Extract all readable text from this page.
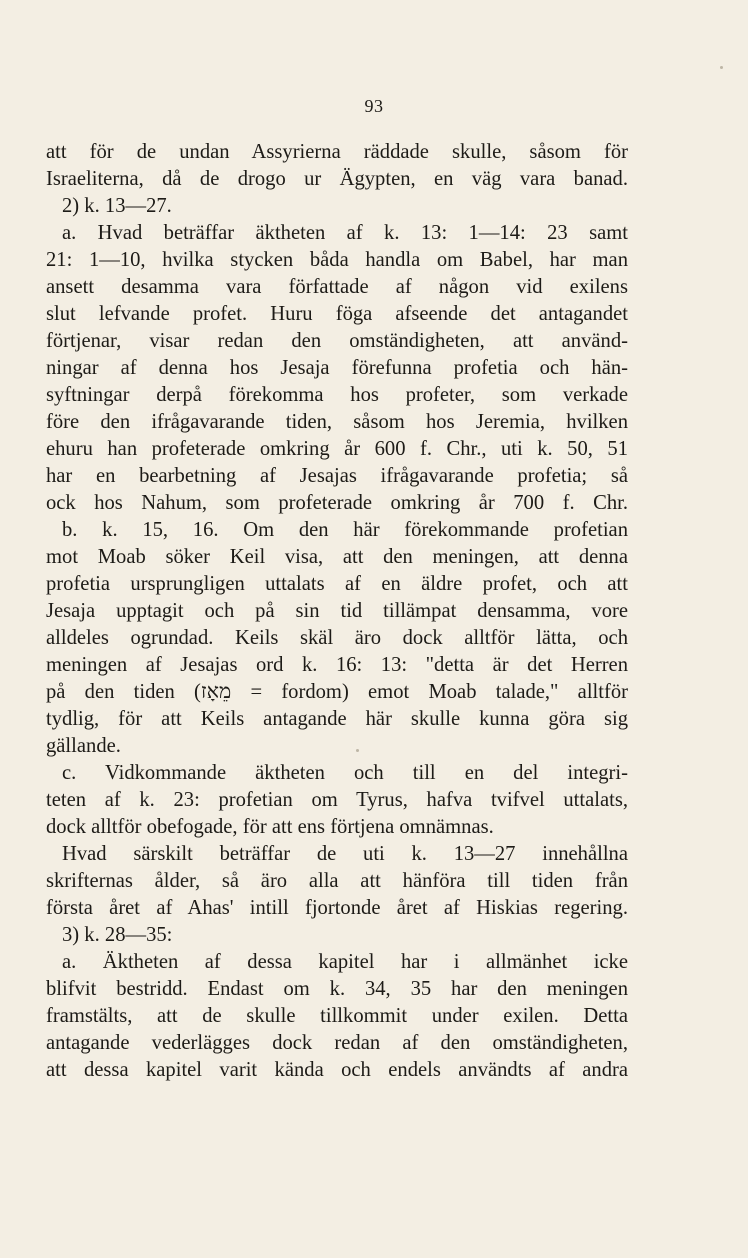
93
att för de undan Assyrierna räddade skulle, såsom för
Israeliterna, då de drogo ur Ägypten, en väg vara banad.
2) k. 13—27.
a. Hvad beträffar äktheten af k. 13: 1—14: 23 samt
21: 1—10, hvilka stycken båda handla om Babel, har man
ansett desamma vara författade af någon vid exilens
slut lefvande profet. Huru föga afseende det antagandet
förtjenar, visar redan den omständigheten, att använd-
ningar af denna hos Jesaja förefunna profetia och hän-
syftningar derpå förekomma hos profeter, som verkade
före den ifrågavarande tiden, såsom hos Jeremia, hvilken
ehuru han profeterade omkring år 600 f. Chr., uti k. 50, 51
har en bearbetning af Jesajas ifrågavarande profetia; så
ock hos Nahum, som profeterade omkring år 700 f. Chr.
b. k. 15, 16. Om den här förekommande profetian
mot Moab söker Keil visa, att den meningen, att denna
profetia ursprungligen uttalats af en äldre profet, och att
Jesaja upptagit och på sin tid tillämpat densamma, vore
alldeles ogrundad. Keils skäl äro dock alltför lätta, och
meningen af Jesajas ord k. 16: 13: "detta är det Herren
på den tiden (מֵאָז = fordom) emot Moab talade," alltför
tydlig, för att Keils antagande här skulle kunna göra sig
gällande.
c. Vidkommande äktheten och till en del integri-
teten af k. 23: profetian om Tyrus, hafva tvifvel uttalats,
dock alltför obefogade, för att ens förtjena omnämnas.
Hvad särskilt beträffar de uti k. 13—27 innehållna
skrifternas ålder, så äro alla att hänföra till tiden från
första året af Ahas' intill fjortonde året af Hiskias regering.
3) k. 28—35:
a. Äktheten af dessa kapitel har i allmänhet icke
blifvit bestridd. Endast om k. 34, 35 har den meningen
framstälts, att de skulle tillkommit under exilen. Detta
antagande vederlägges dock redan af den omständigheten,
att dessa kapitel varit kända och endels användts af andra
